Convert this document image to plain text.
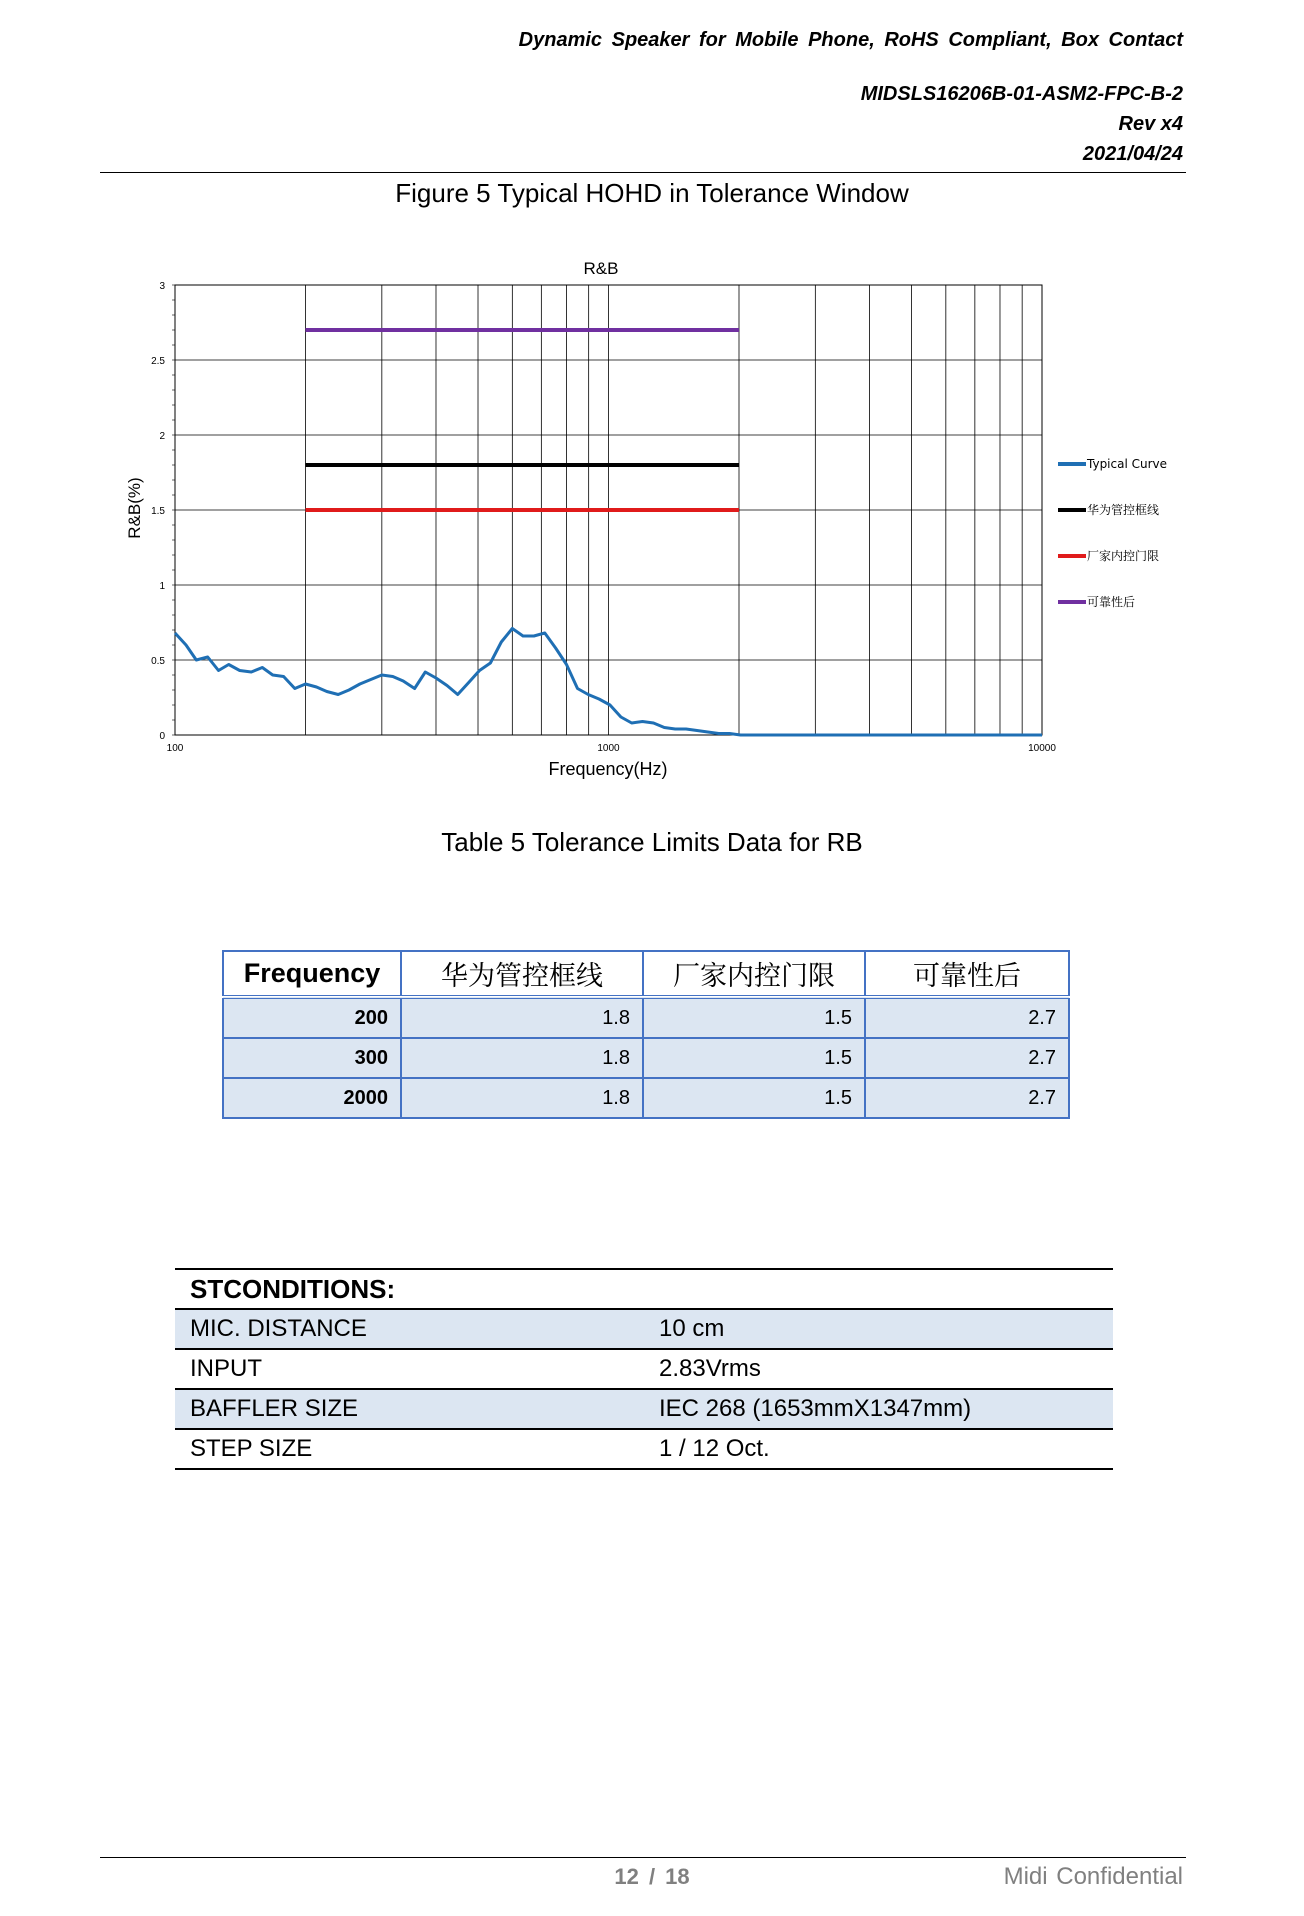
Dynamic Speaker for Mobile Phone, RoHS Compliant, Box Contact
MIDSLS16206B-01-ASM2-FPC-B-2
Rev x4
2021/04/24
Figure 5 Typical HOHD in Tolerance Window
R&B
0
0.5
1
1.5
2
2.5
3
100	1000	10000
Typical Curve
华为管控框线
厂家内控门限
可靠性后
Frequency(Hz)
R&B(%)
Table 5 Tolerance Limits Data for RB
Frequency	华为管控框线	厂家内控门限	可靠性后
200	1.8	1.5	2.7
300	1.8	1.5	2.7
2000	1.8	1.5	2.7
STCONDITIONS:	
MIC. DISTANCE	10 cm
INPUT	2.83Vrms
BAFFLER SIZE	IEC 268 (1653mmX1347mm)
STEP SIZE	1 / 12 Oct.
12 / 18	Midi Confidential
